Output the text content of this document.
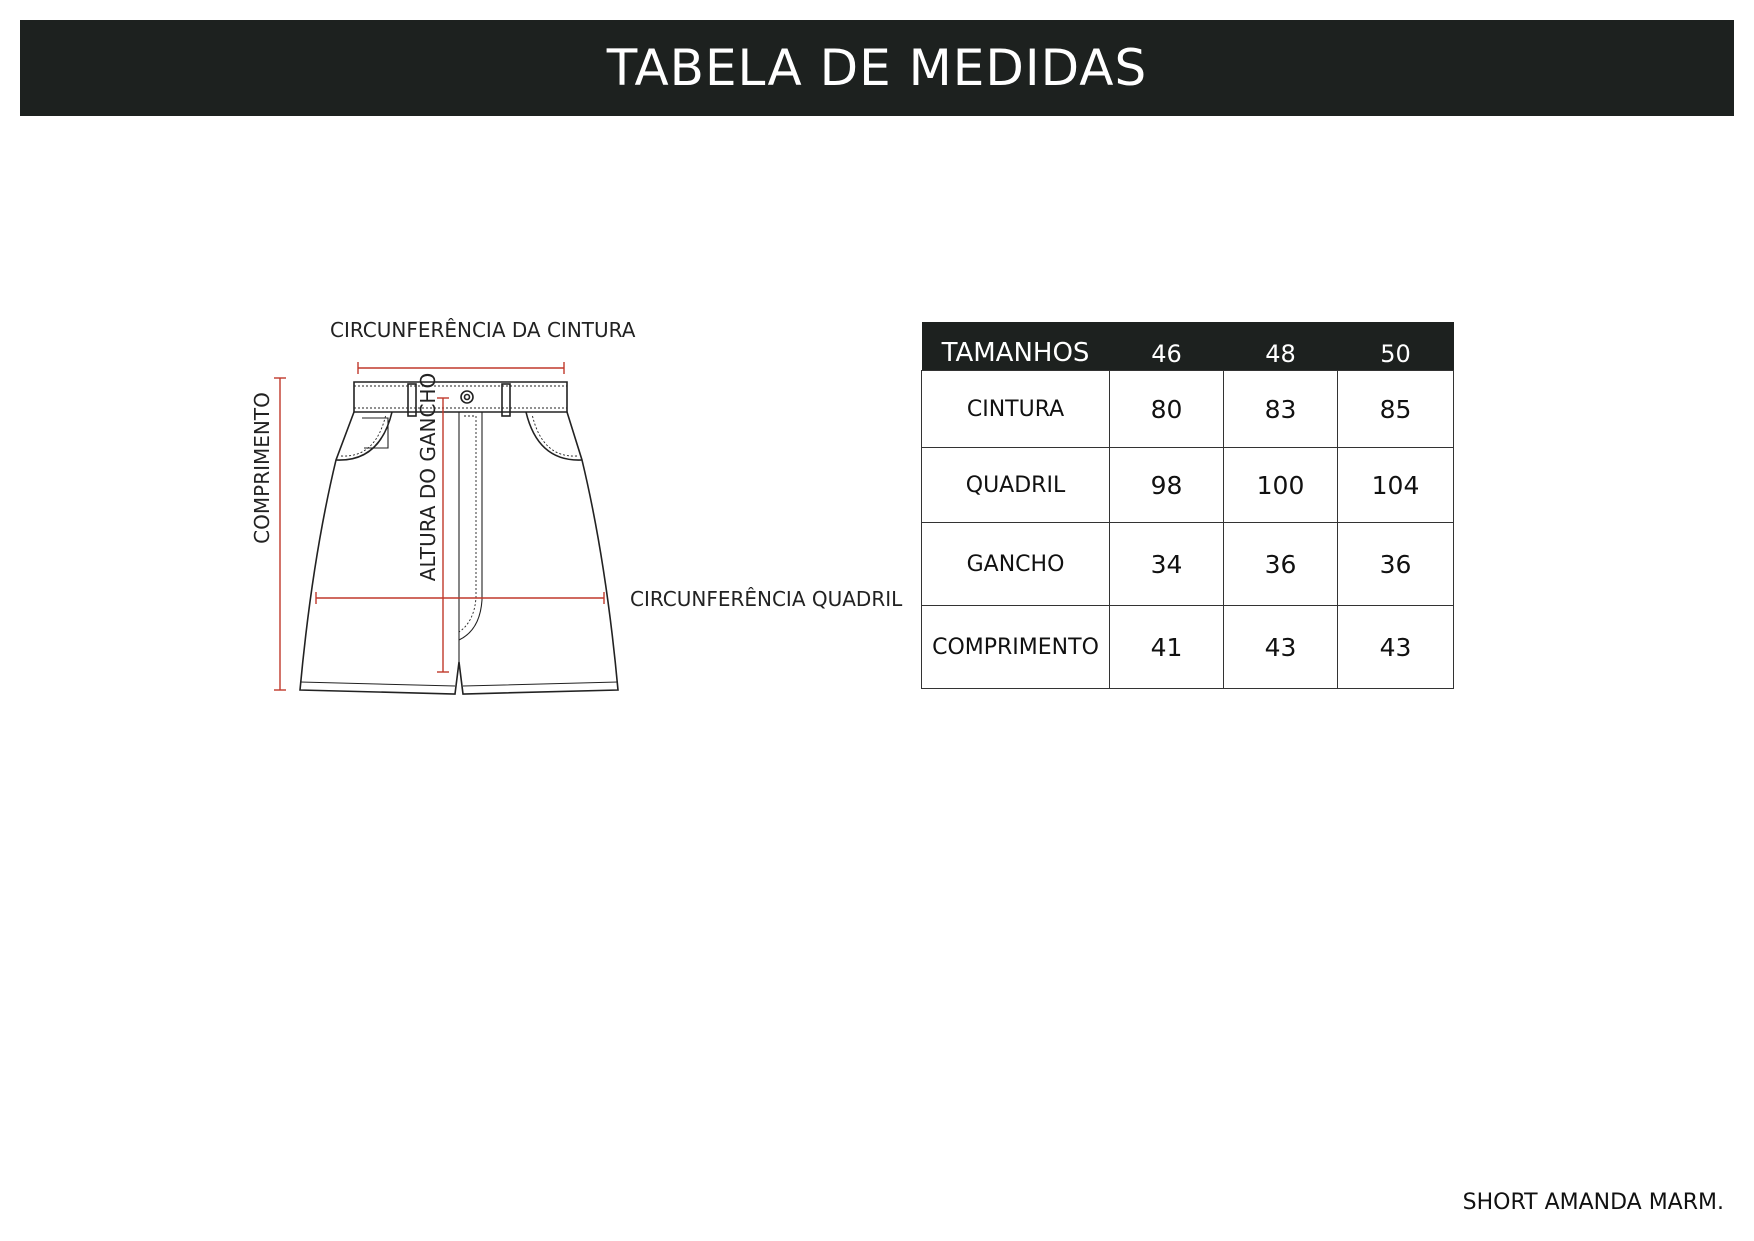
TABELA DE MEDIDAS
CIRCUNFERÊNCIA DA CINTURA
CIRCUNFERÊNCIA QUADRIL
COMPRIMENTO	ALTURA DO GANCHO
TAMANHOS	46	48	50
CINTURA	80	83	85
QUADRIL	98	100	104
GANCHO	34	36	36
COMPRIMENTO	41	43	43
SHORT AMANDA MARM.
